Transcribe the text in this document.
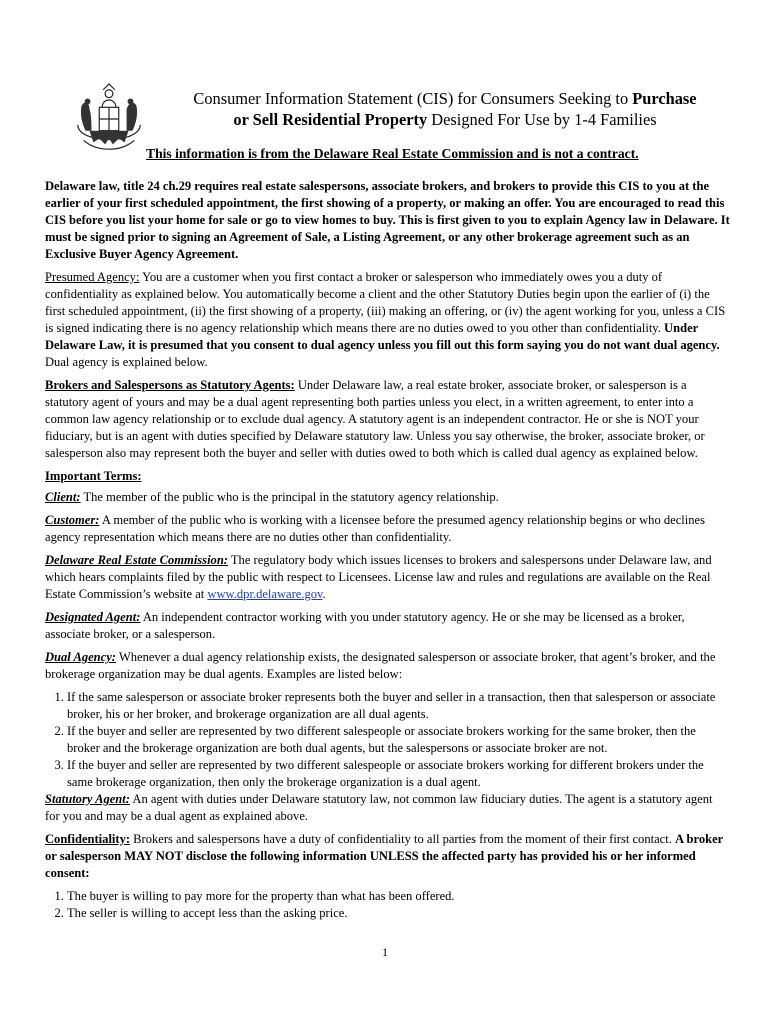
Consumer Information Statement (CIS) for Consumers Seeking to Purchase
or Sell Residential Property Designed For Use by 1-4 Families
This information is from the Delaware Real Estate Commission and is not a contract.

Delaware law, title 24 ch.29 requires real estate salespersons, associate brokers, and brokers to provide this CIS to you at the earlier of your first scheduled appointment, the first showing of a property, or making an offer. You are encouraged to read this CIS before you list your home for sale or go to view homes to buy. This is first given to you to explain Agency law in Delaware. It must be signed prior to signing an Agreement of Sale, a Listing Agreement, or any other brokerage agreement such as an Exclusive Buyer Agency Agreement.

Presumed Agency: You are a customer when you first contact a broker or salesperson who immediately owes you a duty of confidentiality as explained below. You automatically become a client and the other Statutory Duties begin upon the earlier of (i) the first scheduled appointment, (ii) the first showing of a property, (iii) making an offering, or (iv) the agent working for you, unless a CIS is signed indicating there is no agency relationship which means there are no duties owed to you other than confidentiality. Under Delaware Law, it is presumed that you consent to dual agency unless you fill out this form saying you do not want dual agency. Dual agency is explained below.

Brokers and Salespersons as Statutory Agents: Under Delaware law, a real estate broker, associate broker, or salesperson is a statutory agent of yours and may be a dual agent representing both parties unless you elect, in a written agreement, to enter into a common law agency relationship or to exclude dual agency. A statutory agent is an independent contractor. He or she is NOT your fiduciary, but is an agent with duties specified by Delaware statutory law. Unless you say otherwise, the broker, associate broker, or salesperson also may represent both the buyer and seller with duties owed to both which is called dual agency as explained below.

Important Terms:

Client: The member of the public who is the principal in the statutory agency relationship.

Customer: A member of the public who is working with a licensee before the presumed agency relationship begins or who declines agency representation which means there are no duties other than confidentiality.

Delaware Real Estate Commission: The regulatory body which issues licenses to brokers and salespersons under Delaware law, and which hears complaints filed by the public with respect to Licensees. License law and rules and regulations are available on the Real Estate Commission’s website at www.dpr.delaware.gov.

Designated Agent: An independent contractor working with you under statutory agency. He or she may be licensed as a broker, associate broker, or a salesperson.

Dual Agency: Whenever a dual agency relationship exists, the designated salesperson or associate broker, that agent’s broker, and the brokerage organization may be dual agents. Examples are listed below:

1. If the same salesperson or associate broker represents both the buyer and seller in a transaction, then that salesperson or associate broker, his or her broker, and brokerage organization are all dual agents.
2. If the buyer and seller are represented by two different salespeople or associate brokers working for the same broker, then the broker and the brokerage organization are both dual agents, but the salespersons or associate broker are not.
3. If the buyer and seller are represented by two different salespeople or associate brokers working for different brokers under the same brokerage organization, then only the brokerage organization is a dual agent.

Statutory Agent: An agent with duties under Delaware statutory law, not common law fiduciary duties. The agent is a statutory agent for you and may be a dual agent as explained above.

Confidentiality: Brokers and salespersons have a duty of confidentiality to all parties from the moment of their first contact. A broker or salesperson MAY NOT disclose the following information UNLESS the affected party has provided his or her informed consent:

1. The buyer is willing to pay more for the property than what has been offered.
2. The seller is willing to accept less than the asking price.
1
